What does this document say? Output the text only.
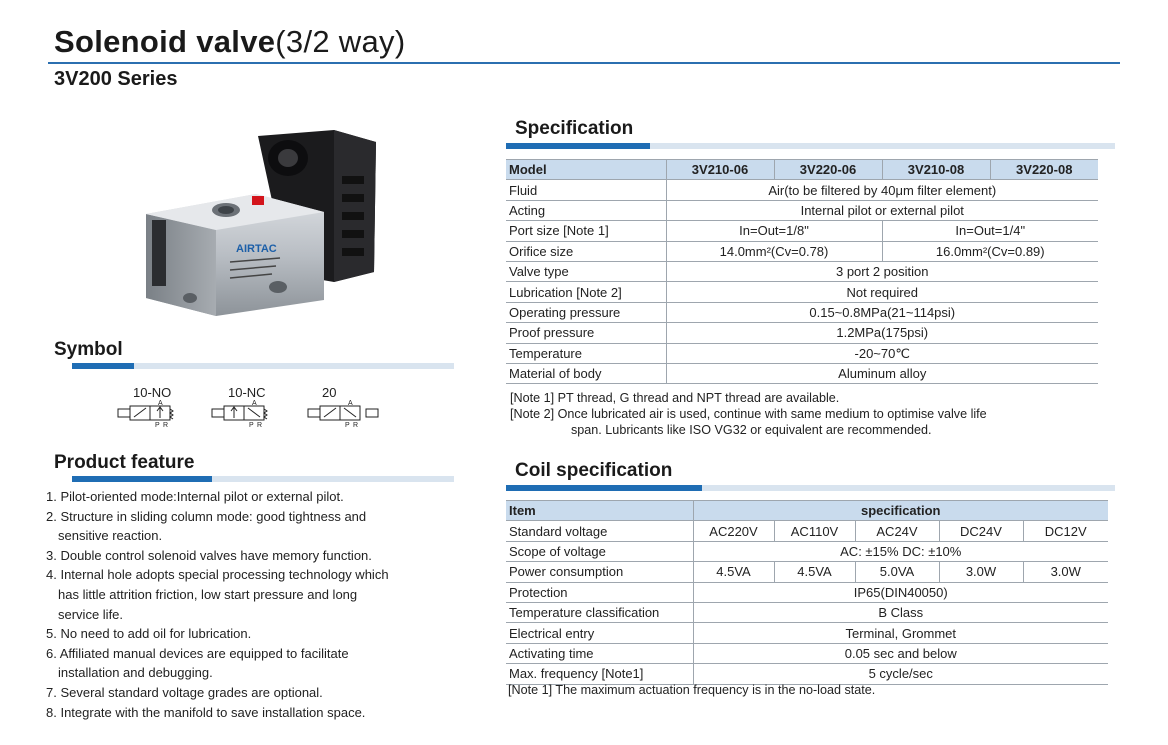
Solenoid valve(3/2 way)
3V200 Series
AIRTAC
Symbol
10-NO	10-NC	20
A
P R
A
P R
A
P R
Product feature
1. Pilot-oriented mode:Internal pilot or external pilot.
2. Structure in sliding column mode: good tightness and
sensitive reaction.
3. Double control solenoid valves have memory function.
4. Internal hole adopts special processing technology which
has little attrition friction, low start pressure and long
service life.
5. No need to add oil for lubrication.
6. Affiliated manual devices are equipped to facilitate
installation and debugging.
7. Several standard voltage grades are optional.
8. Integrate with the manifold to save installation space.
Specification
Model	3V210-06	3V220-06	3V210-08	3V220-08
Fluid	Air(to be filtered by 40μm filter element)			
Acting	Internal pilot or external pilot			
Port size [Note 1]	In=Out=1/8"		In=Out=1/4"	
Orifice size	14.0mm²(Cv=0.78)		16.0mm²(Cv=0.89)	
Valve type	3 port 2 position			
Lubrication [Note 2]	Not required			
Operating pressure	0.15~0.8MPa(21~114psi)			
Proof pressure	1.2MPa(175psi)			
Temperature	-20~70℃			
Material of body	Aluminum alloy			
[Note 1] PT thread, G thread and NPT thread are available.
[Note 2] Once lubricated air is used, continue with same medium to optimise valve life
span. Lubricants like ISO VG32 or equivalent are recommended.
Coil specification
Item	specification				
Standard voltage	AC220V	AC110V	AC24V	DC24V	DC12V
Scope of voltage	AC: ±15% DC: ±10%				
Power consumption	4.5VA	4.5VA	5.0VA	3.0W	3.0W
Protection	IP65(DIN40050)				
Temperature classification	B Class				
Electrical entry	Terminal, Grommet				
Activating time	0.05 sec and below				
Max. frequency [Note1]	5 cycle/sec				
[Note 1] The maximum actuation frequency is in the no-load state.
